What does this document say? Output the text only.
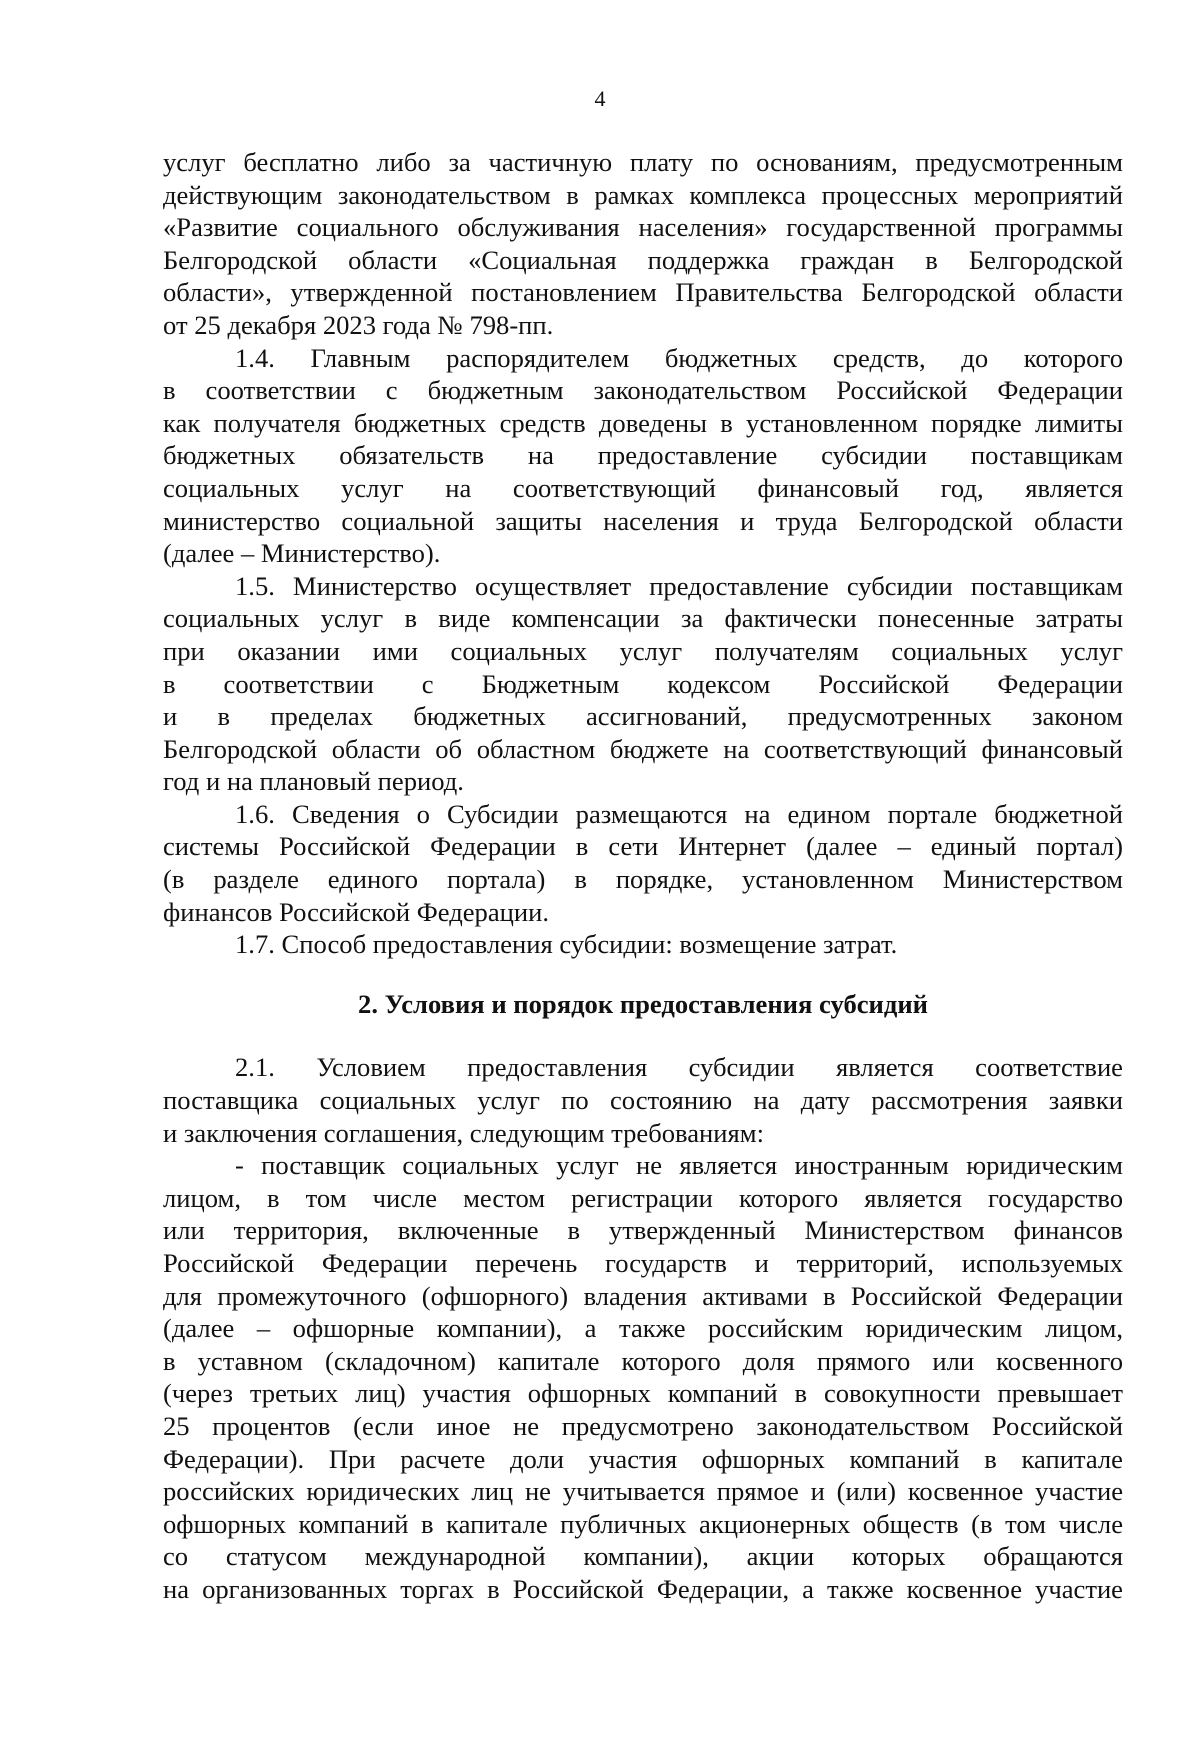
4
услуг бесплатно либо за частичную плату по основаниям, предусмотренным
действующим законодательством в рамках комплекса процессных мероприятий
«Развитие социального обслуживания населения» государственной программы
Белгородской области «Социальная поддержка граждан в Белгородской
области», утвержденной постановлением Правительства Белгородской области
от 25 декабря 2023 года № 798-пп.
1.4. Главным распорядителем бюджетных средств, до которого
в соответствии с бюджетным законодательством Российской Федерации
как получателя бюджетных средств доведены в установленном порядке лимиты
бюджетных обязательств на предоставление субсидии поставщикам
социальных услуг на соответствующий финансовый год, является
министерство социальной защиты населения и труда Белгородской области
(далее – Министерство).
1.5. Министерство осуществляет предоставление субсидии поставщикам
социальных услуг в виде компенсации за фактически понесенные затраты
при оказании ими социальных услуг получателям социальных услуг
в соответствии с Бюджетным кодексом Российской Федерации
и в пределах бюджетных ассигнований, предусмотренных законом
Белгородской области об областном бюджете на соответствующий финансовый
год и на плановый период.
1.6. Сведения о Субсидии размещаются на едином портале бюджетной
системы Российской Федерации в сети Интернет (далее – единый портал)
(в разделе единого портала) в порядке, установленном Министерством
финансов Российской Федерации.
1.7. Способ предоставления субсидии: возмещение затрат.
2. Условия и порядок предоставления субсидий
2.1. Условием предоставления субсидии является соответствие
поставщика социальных услуг по состоянию на дату рассмотрения заявки
и заключения соглашения, следующим требованиям:
- поставщик социальных услуг не является иностранным юридическим
лицом, в том числе местом регистрации которого является государство
или территория, включенные в утвержденный Министерством финансов
Российской Федерации перечень государств и территорий, используемых
для промежуточного (офшорного) владения активами в Российской Федерации
(далее – офшорные компании), а также российским юридическим лицом,
в уставном (складочном) капитале которого доля прямого или косвенного
(через третьих лиц) участия офшорных компаний в совокупности превышает
25 процентов (если иное не предусмотрено законодательством Российской
Федерации). При расчете доли участия офшорных компаний в капитале
российских юридических лиц не учитывается прямое и (или) косвенное участие
офшорных компаний в капитале публичных акционерных обществ (в том числе
со статусом международной компании), акции которых обращаются
на организованных торгах в Российской Федерации, а также косвенное участие
